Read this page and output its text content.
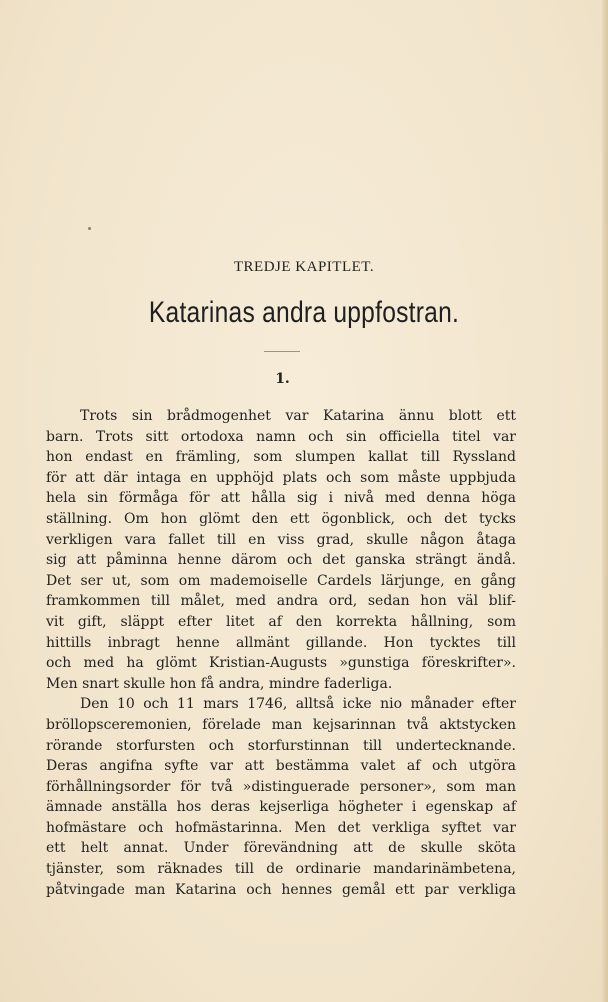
TREDJE KAPITLET.
Katarinas andra uppfostran.
1.
Trots sin brådmogenhet var Katarina ännu blott ett
barn. Trots sitt ortodoxa namn och sin officiella titel var
hon endast en främling, som slumpen kallat till Ryssland
för att där intaga en upphöjd plats och som måste uppbjuda
hela sin förmåga för att hålla sig i nivå med denna höga
ställning. Om hon glömt den ett ögonblick, och det tycks
verkligen vara fallet till en viss grad, skulle någon åtaga
sig att påminna henne därom och det ganska strängt ändå.
Det ser ut, som om mademoiselle Cardels lärjunge, en gång
framkommen till målet, med andra ord, sedan hon väl blif-
vit gift, släppt efter litet af den korrekta hållning, som
hittills inbragt henne allmänt gillande. Hon tycktes till
och med ha glömt Kristian-Augusts »gunstiga föreskrifter».
Men snart skulle hon få andra, mindre faderliga.
Den 10 och 11 mars 1746, alltså icke nio månader efter
bröllopsceremonien, förelade man kejsarinnan två aktstycken
rörande storfursten och storfurstinnan till undertecknande.
Deras angifna syfte var att bestämma valet af och utgöra
förhållningsorder för två »distinguerade personer», som man
ämnade anställa hos deras kejserliga högheter i egenskap af
hofmästare och hofmästarinna. Men det verkliga syftet var
ett helt annat. Under förevändning att de skulle sköta
tjänster, som räknades till de ordinarie mandarinämbetena,
påtvingade man Katarina och hennes gemål ett par verkliga
